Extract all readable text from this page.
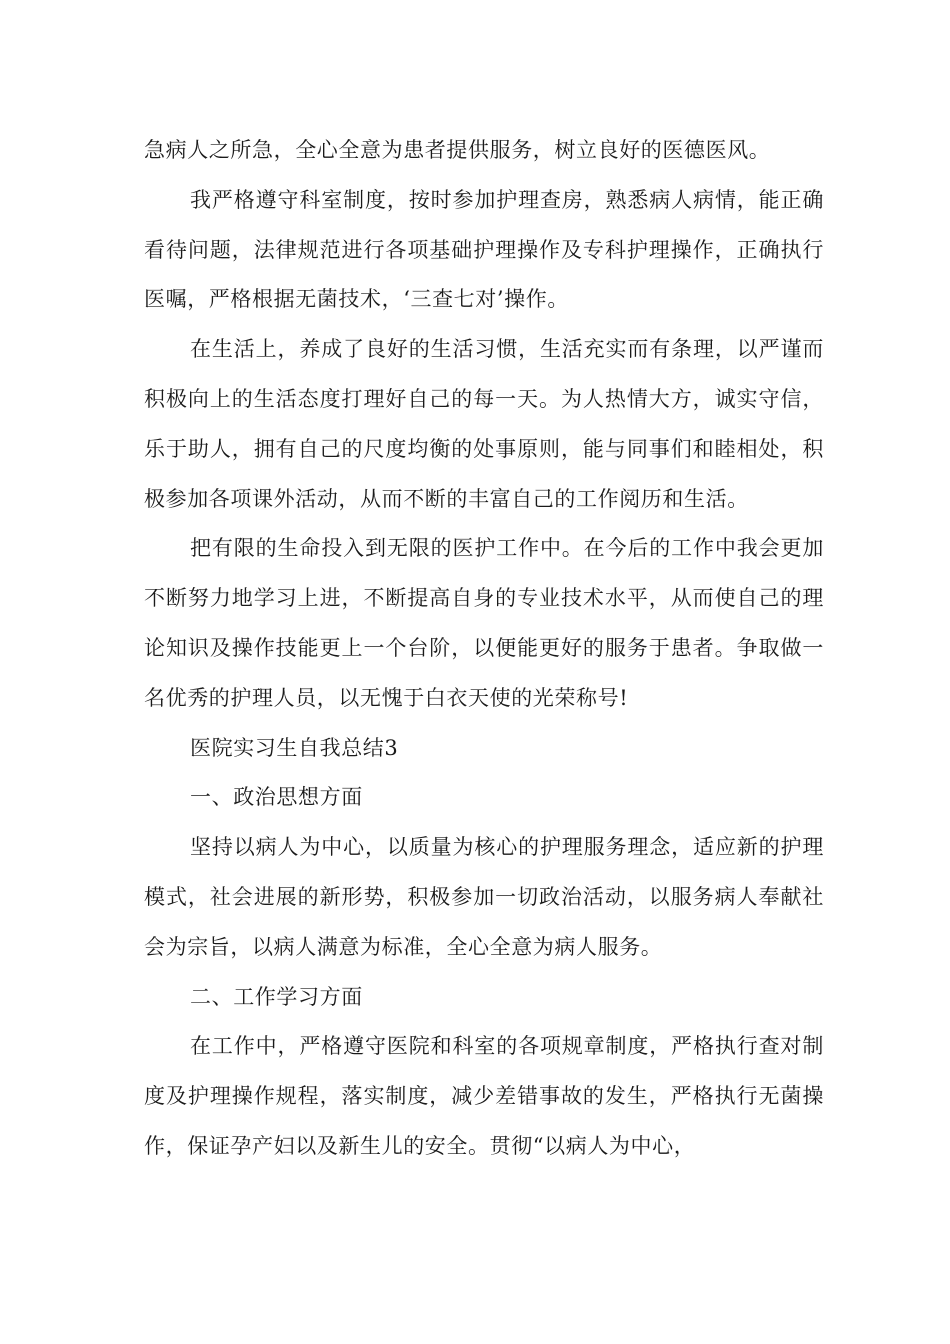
急病人之所急，全心全意为患者提供服务，树立良好的医德医风。

我严格遵守科室制度，按时参加护理查房，熟悉病人病情，能正确看待问题，法律规范进行各项基础护理操作及专科护理操作，正确执行医嘱，严格根据无菌技术，‘三查七对’操作。

在生活上，养成了良好的生活习惯，生活充实而有条理，以严谨而积极向上的生活态度打理好自己的每一天。为人热情大方，诚实守信，乐于助人，拥有自己的尺度均衡的处事原则，能与同事们和睦相处，积极参加各项课外活动，从而不断的丰富自己的工作阅历和生活。

把有限的生命投入到无限的医护工作中。在今后的工作中我会更加不断努力地学习上进，不断提高自身的专业技术水平，从而使自己的理论知识及操作技能更上一个台阶，以便能更好的服务于患者。争取做一名优秀的护理人员，以无愧于白衣天使的光荣称号!

医院实习生自我总结3

一、政治思想方面

坚持以病人为中心，以质量为核心的护理服务理念，适应新的护理模式，社会进展的新形势，积极参加一切政治活动，以服务病人奉献社会为宗旨，以病人满意为标准，全心全意为病人服务。

二、工作学习方面

在工作中，严格遵守医院和科室的各项规章制度，严格执行查对制度及护理操作规程，落实制度，减少差错事故的发生，严格执行无菌操作，保证孕产妇以及新生儿的安全。贯彻“以病人为中心，
